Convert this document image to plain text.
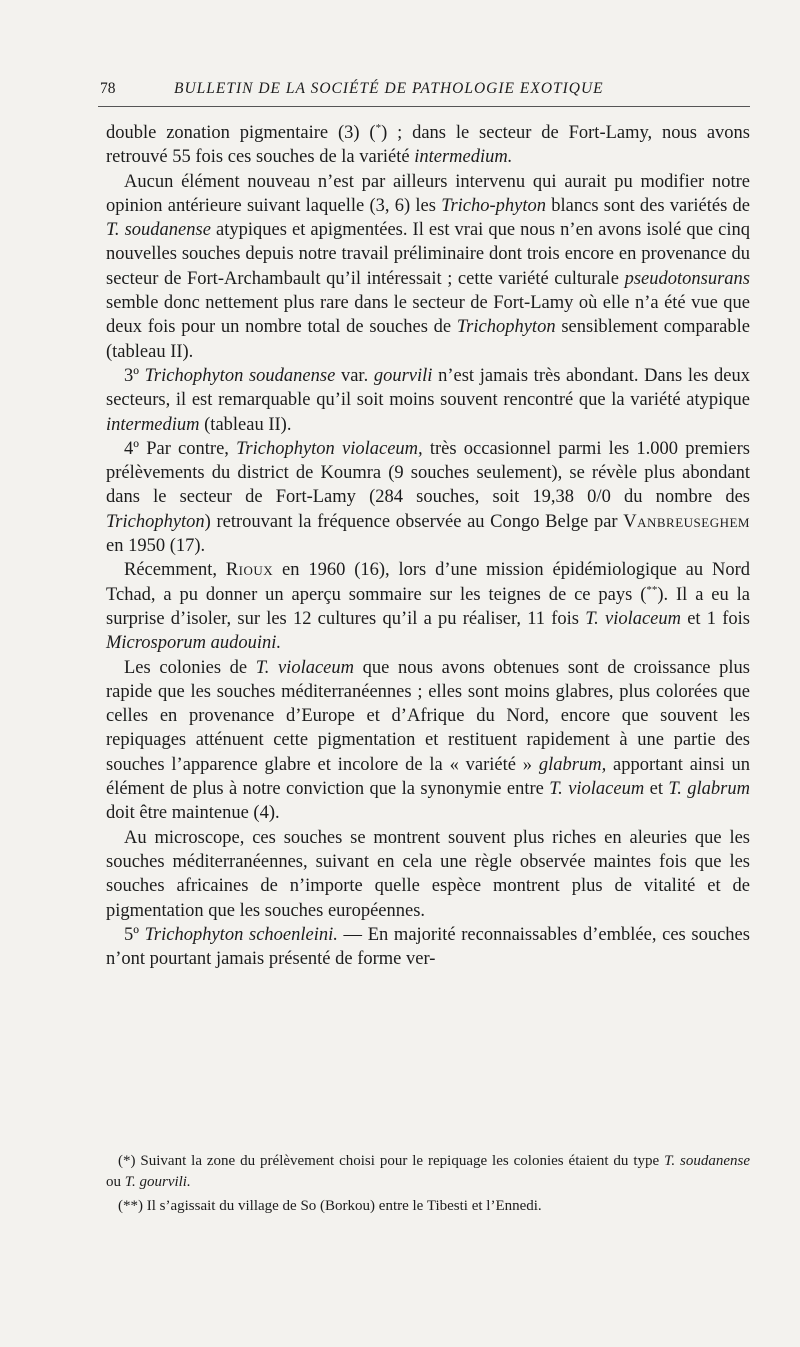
78	BULLETIN DE LA SOCIÉTÉ DE PATHOLOGIE EXOTIQUE

double zonation pigmentaire (3) (*) ; dans le secteur de Fort-Lamy, nous avons retrouvé 55 fois ces souches de la variété intermedium.

Aucun élément nouveau n’est par ailleurs intervenu qui aurait pu modifier notre opinion antérieure suivant laquelle (3, 6) les Tricho-phyton blancs sont des variétés de T. soudanense atypiques et apigmentées. Il est vrai que nous n’en avons isolé que cinq nouvelles souches depuis notre travail préliminaire dont trois encore en provenance du secteur de Fort-Archambault qu’il intéressait ; cette variété culturale pseudotonsurans semble donc nettement plus rare dans le secteur de Fort-Lamy où elle n’a été vue que deux fois pour un nombre total de souches de Trichophyton sensiblement comparable (tableau II).

3º Trichophyton soudanense var. gourvili n’est jamais très abondant. Dans les deux secteurs, il est remarquable qu’il soit moins souvent rencontré que la variété atypique intermedium (tableau II).

4º Par contre, Trichophyton violaceum, très occasionnel parmi les 1.000 premiers prélèvements du district de Koumra (9 souches seulement), se révèle plus abondant dans le secteur de Fort-Lamy (284 souches, soit 19,38 0/0 du nombre des Trichophyton) retrouvant la fréquence observée au Congo Belge par Vanbreuseghem en 1950 (17).

Récemment, Rioux en 1960 (16), lors d’une mission épidémiologique au Nord Tchad, a pu donner un aperçu sommaire sur les teignes de ce pays (**). Il a eu la surprise d’isoler, sur les 12 cultures qu’il a pu réaliser, 11 fois T. violaceum et 1 fois Microsporum audouini.

Les colonies de T. violaceum que nous avons obtenues sont de croissance plus rapide que les souches méditerranéennes ; elles sont moins glabres, plus colorées que celles en provenance d’Europe et d’Afrique du Nord, encore que souvent les repiquages atténuent cette pigmentation et restituent rapidement à une partie des souches l’apparence glabre et incolore de la « variété » glabrum, apportant ainsi un élément de plus à notre conviction que la synonymie entre T. violaceum et T. glabrum doit être maintenue (4).

Au microscope, ces souches se montrent souvent plus riches en aleuries que les souches méditerranéennes, suivant en cela une règle observée maintes fois que les souches africaines de n’importe quelle espèce montrent plus de vitalité et de pigmentation que les souches européennes.

5º Trichophyton schoenleini. — En majorité reconnaissables d’emblée, ces souches n’ont pourtant jamais présenté de forme ver-

(*) Suivant la zone du prélèvement choisi pour le repiquage les colonies étaient du type T. soudanense ou T. gourvili.

(**) Il s’agissait du village de So (Borkou) entre le Tibesti et l’Ennedi.
